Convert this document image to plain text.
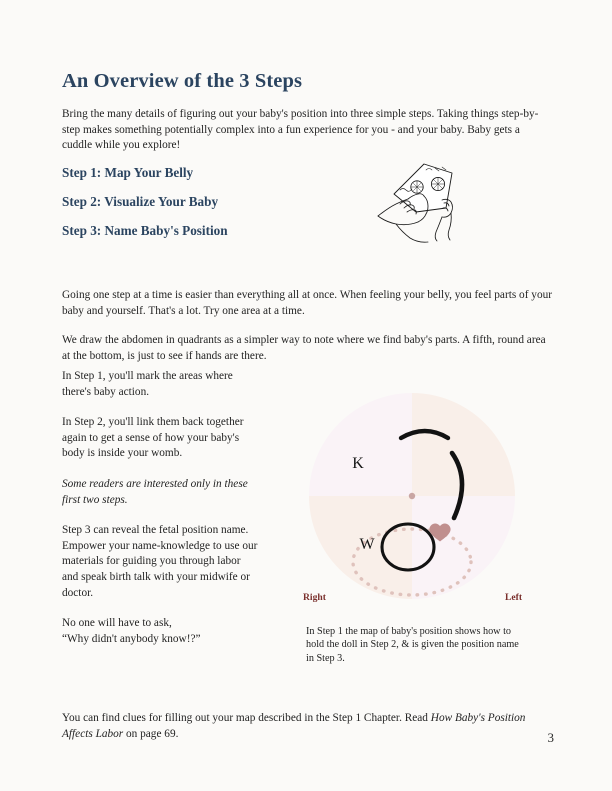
An Overview of the 3 Steps

Bring the many details of figuring out your baby's position into three simple steps. Taking things step-by-step makes something potentially complex into a fun experience for you - and your baby. Baby gets a cuddle while you explore!

Step 1: Map Your Belly
Step 2: Visualize Your Baby
Step 3: Name Baby's Position

Going one step at a time is easier than everything all at once. When feeling your belly, you feel parts of your baby and yourself. That's a lot. Try one area at a time.

We draw the abdomen in quadrants as a simpler way to note where we find baby's parts. A fifth, round area at the bottom, is just to see if hands are there.

In Step 1, you'll mark the areas where there's baby action.

In Step 2, you'll link them back together again to get a sense of how your baby's body is inside your womb.

Some readers are interested only in these first two steps.

Step 3 can reveal the fetal position name. Empower your name-knowledge to use our materials for guiding you through labor and speak birth talk with your midwife or doctor.

No one will have to ask,
“Why didn't anybody know!?”

K
W
Right	Left

In Step 1 the map of baby's position shows how to hold the doll in Step 2, & is given the position name in Step 3.

You can find clues for filling out your map described in the Step 1 Chapter. Read How Baby's Position Affects Labor on page 69.	3
